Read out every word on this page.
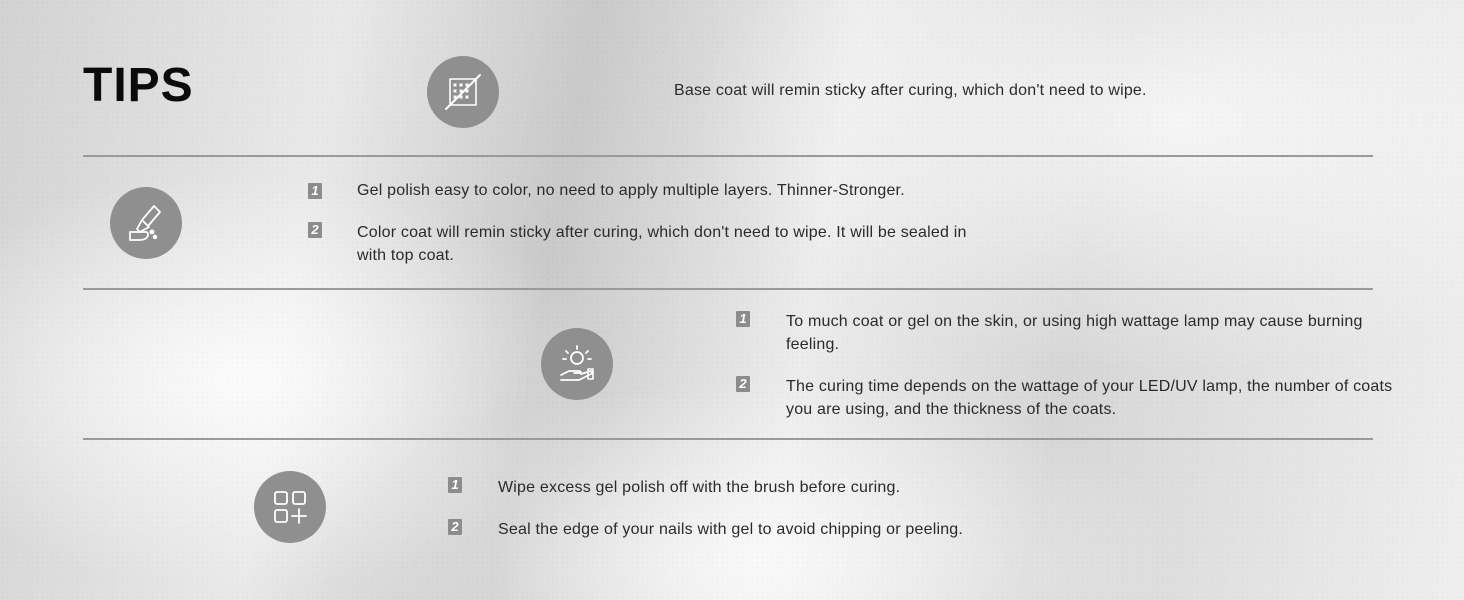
TIPS	Base coat will remin sticky after curing, which don't need to wipe.
1 Gel polish easy to color, no need to apply multiple layers. Thinner-Stronger.
2 Color coat will remin sticky after curing, which don't need to wipe. It will be sealed in with top coat.
1 To much coat or gel on the skin, or using high wattage lamp may cause burning feeling.
2 The curing time depends on the wattage of your LED/UV lamp, the number of coats you are using, and the thickness of the coats.
1 Wipe excess gel polish off with the brush before curing.
2 Seal the edge of your nails with gel to avoid chipping or peeling.
